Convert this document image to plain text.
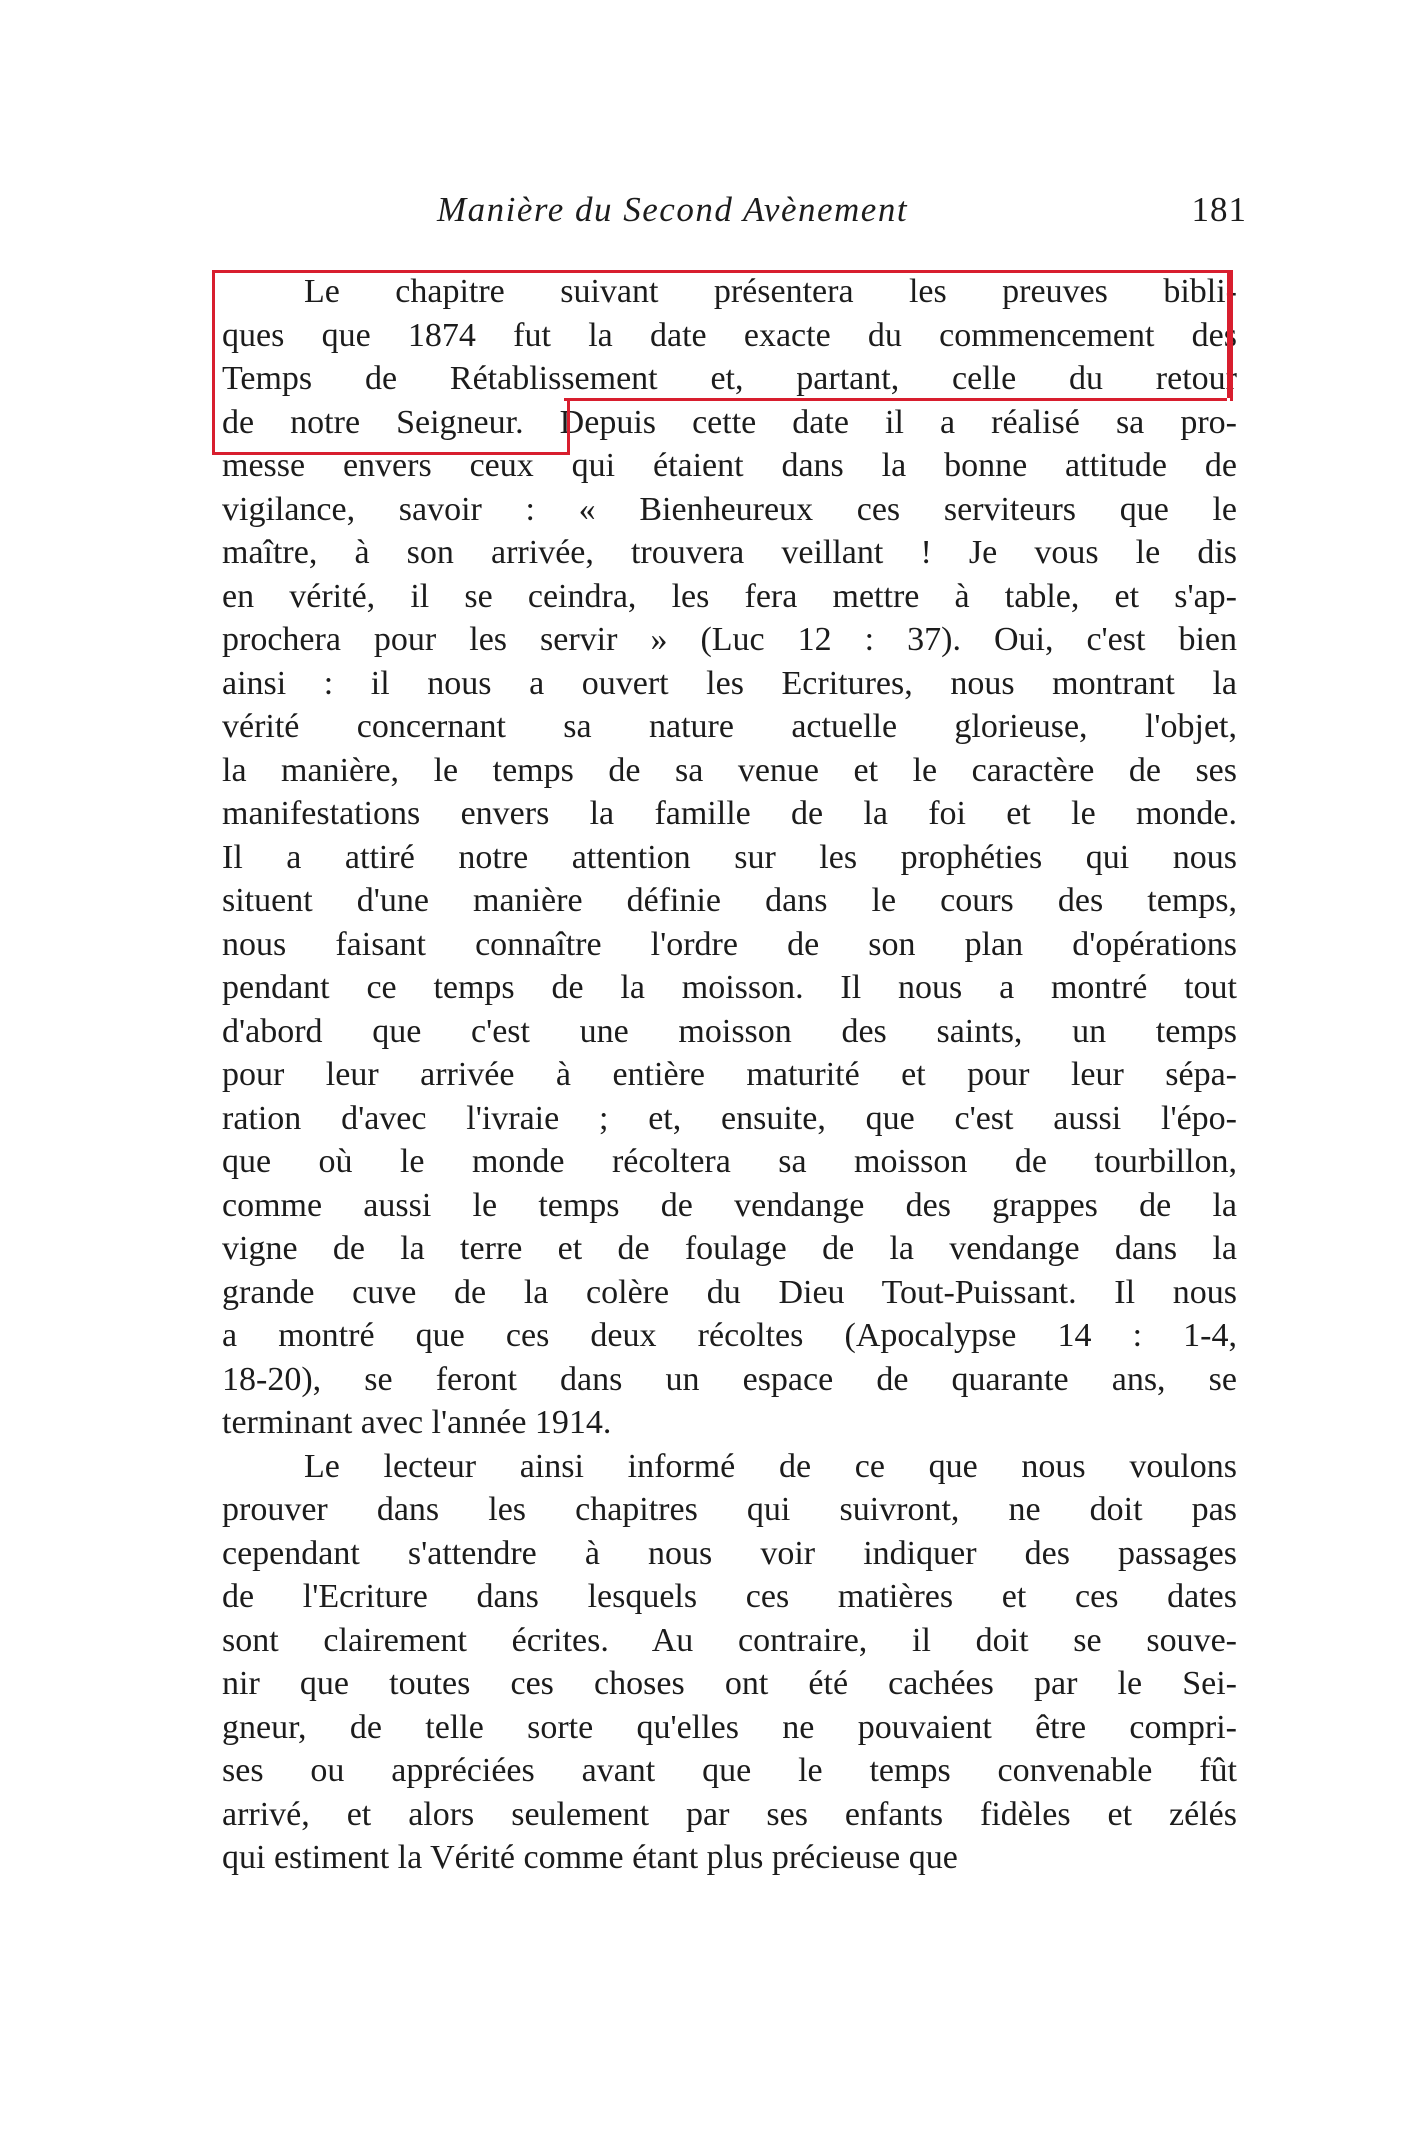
Manière du Second Avènement	181
Le chapitre suivant présentera les preuves bibli-
ques que 1874 fut la date exacte du commencement des
Temps de Rétablissement et, partant, celle du retour
de notre Seigneur. Depuis cette date il a réalisé sa pro-
messe envers ceux qui étaient dans la bonne attitude de
vigilance, savoir : « Bienheureux ces serviteurs que le
maître, à son arrivée, trouvera veillant ! Je vous le dis
en vérité, il se ceindra, les fera mettre à table, et s'ap-
prochera pour les servir » (Luc 12 : 37). Oui, c'est bien
ainsi : il nous a ouvert les Ecritures, nous montrant la
vérité concernant sa nature actuelle glorieuse, l'objet,
la manière, le temps de sa venue et le caractère de ses
manifestations envers la famille de la foi et le monde.
Il a attiré notre attention sur les prophéties qui nous
situent d'une manière définie dans le cours des temps,
nous faisant connaître l'ordre de son plan d'opérations
pendant ce temps de la moisson. Il nous a montré tout
d'abord que c'est une moisson des saints, un temps
pour leur arrivée à entière maturité et pour leur sépa-
ration d'avec l'ivraie ; et, ensuite, que c'est aussi l'épo-
que où le monde récoltera sa moisson de tourbillon,
comme aussi le temps de vendange des grappes de la
vigne de la terre et de foulage de la vendange dans la
grande cuve de la colère du Dieu Tout-Puissant. Il nous
a montré que ces deux récoltes (Apocalypse 14 : 1-4,
18-20), se feront dans un espace de quarante ans, se
terminant avec l'année 1914.
Le lecteur ainsi informé de ce que nous voulons
prouver dans les chapitres qui suivront, ne doit pas
cependant s'attendre à nous voir indiquer des passages
de l'Ecriture dans lesquels ces matières et ces dates
sont clairement écrites. Au contraire, il doit se souve-
nir que toutes ces choses ont été cachées par le Sei-
gneur, de telle sorte qu'elles ne pouvaient être compri-
ses ou appréciées avant que le temps convenable fût
arrivé, et alors seulement par ses enfants fidèles et zélés
qui estiment la Vérité comme étant plus précieuse que
